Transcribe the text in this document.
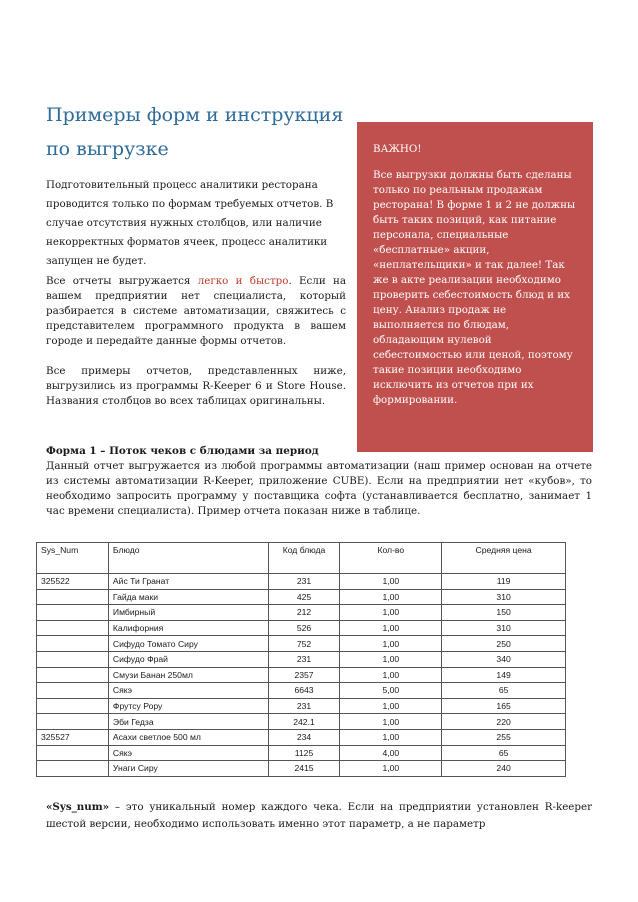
Примеры форм и инструкция по выгрузке

Подготовительный процесс аналитики ресторана проводится только по формам требуемых отчетов. В случае отсутствия нужных столбцов, или наличие некорректных форматов ячеек, процесс аналитики запущен не будет.

Все отчеты выгружается легко и быстро. Если на вашем предприятии нет специалиста, который разбирается в системе автоматизации, свяжитесь с представителем программного продукта в вашем городе и передайте данные формы отчетов.

Все примеры отчетов, представленных ниже, выгрузились из программы R-Keeper 6 и Store House. Названия столбцов во всех таблицах оригинальны.

ВАЖНО!

Все выгрузки должны быть сделаны только по реальным продажам ресторана! В форме 1 и 2 не должны быть таких позиций, как питание персонала, специальные «бесплатные» акции, «неплательщики» и так далее! Так же в акте реализации необходимо проверить себестоимость блюд и их цену. Анализ продаж не выполняется по блюдам, обладающим нулевой себестоимостью или ценой, поэтому такие позиции необходимо исключить из отчетов при их формировании.

Форма 1 – Поток чеков с блюдами за период

Данный отчет выгружается из любой программы автоматизации (наш пример основан на отчете из системы автоматизации R-Keeper, приложение CUBE). Если на предприятии нет «кубов», то необходимо запросить программу у поставщика софта (устанавливается бесплатно, занимает 1 час времени специалиста). Пример отчета показан ниже в таблице.

Sys_Num	Блюдо	Код блюда	Кол-во	Средняя цена
325522	Айс Ти Гранат	231	1,00	119
	Гайда маки	425	1,00	310
	Имбирный	212	1,00	150
	Калифорния	526	1,00	310
	Сифудо Томато Сиру	752	1,00	250
	Сифудо Фрай	231	1,00	340
	Смузи Банан 250мл	2357	1,00	149
	Сякэ	6643	5,00	65
	Фрутсу Рору	231	1,00	165
	Эби Гедза	242.1	1,00	220
325527	Асахи светлое 500 мл	234	1,00	255
	Сякэ	1125	4,00	65
	Унаги Сиру	2415	1,00	240

«Sys_num» – это уникальный номер каждого чека. Если на предприятии установлен R-keeper шестой версии, необходимо использовать именно этот параметр, а не параметр
